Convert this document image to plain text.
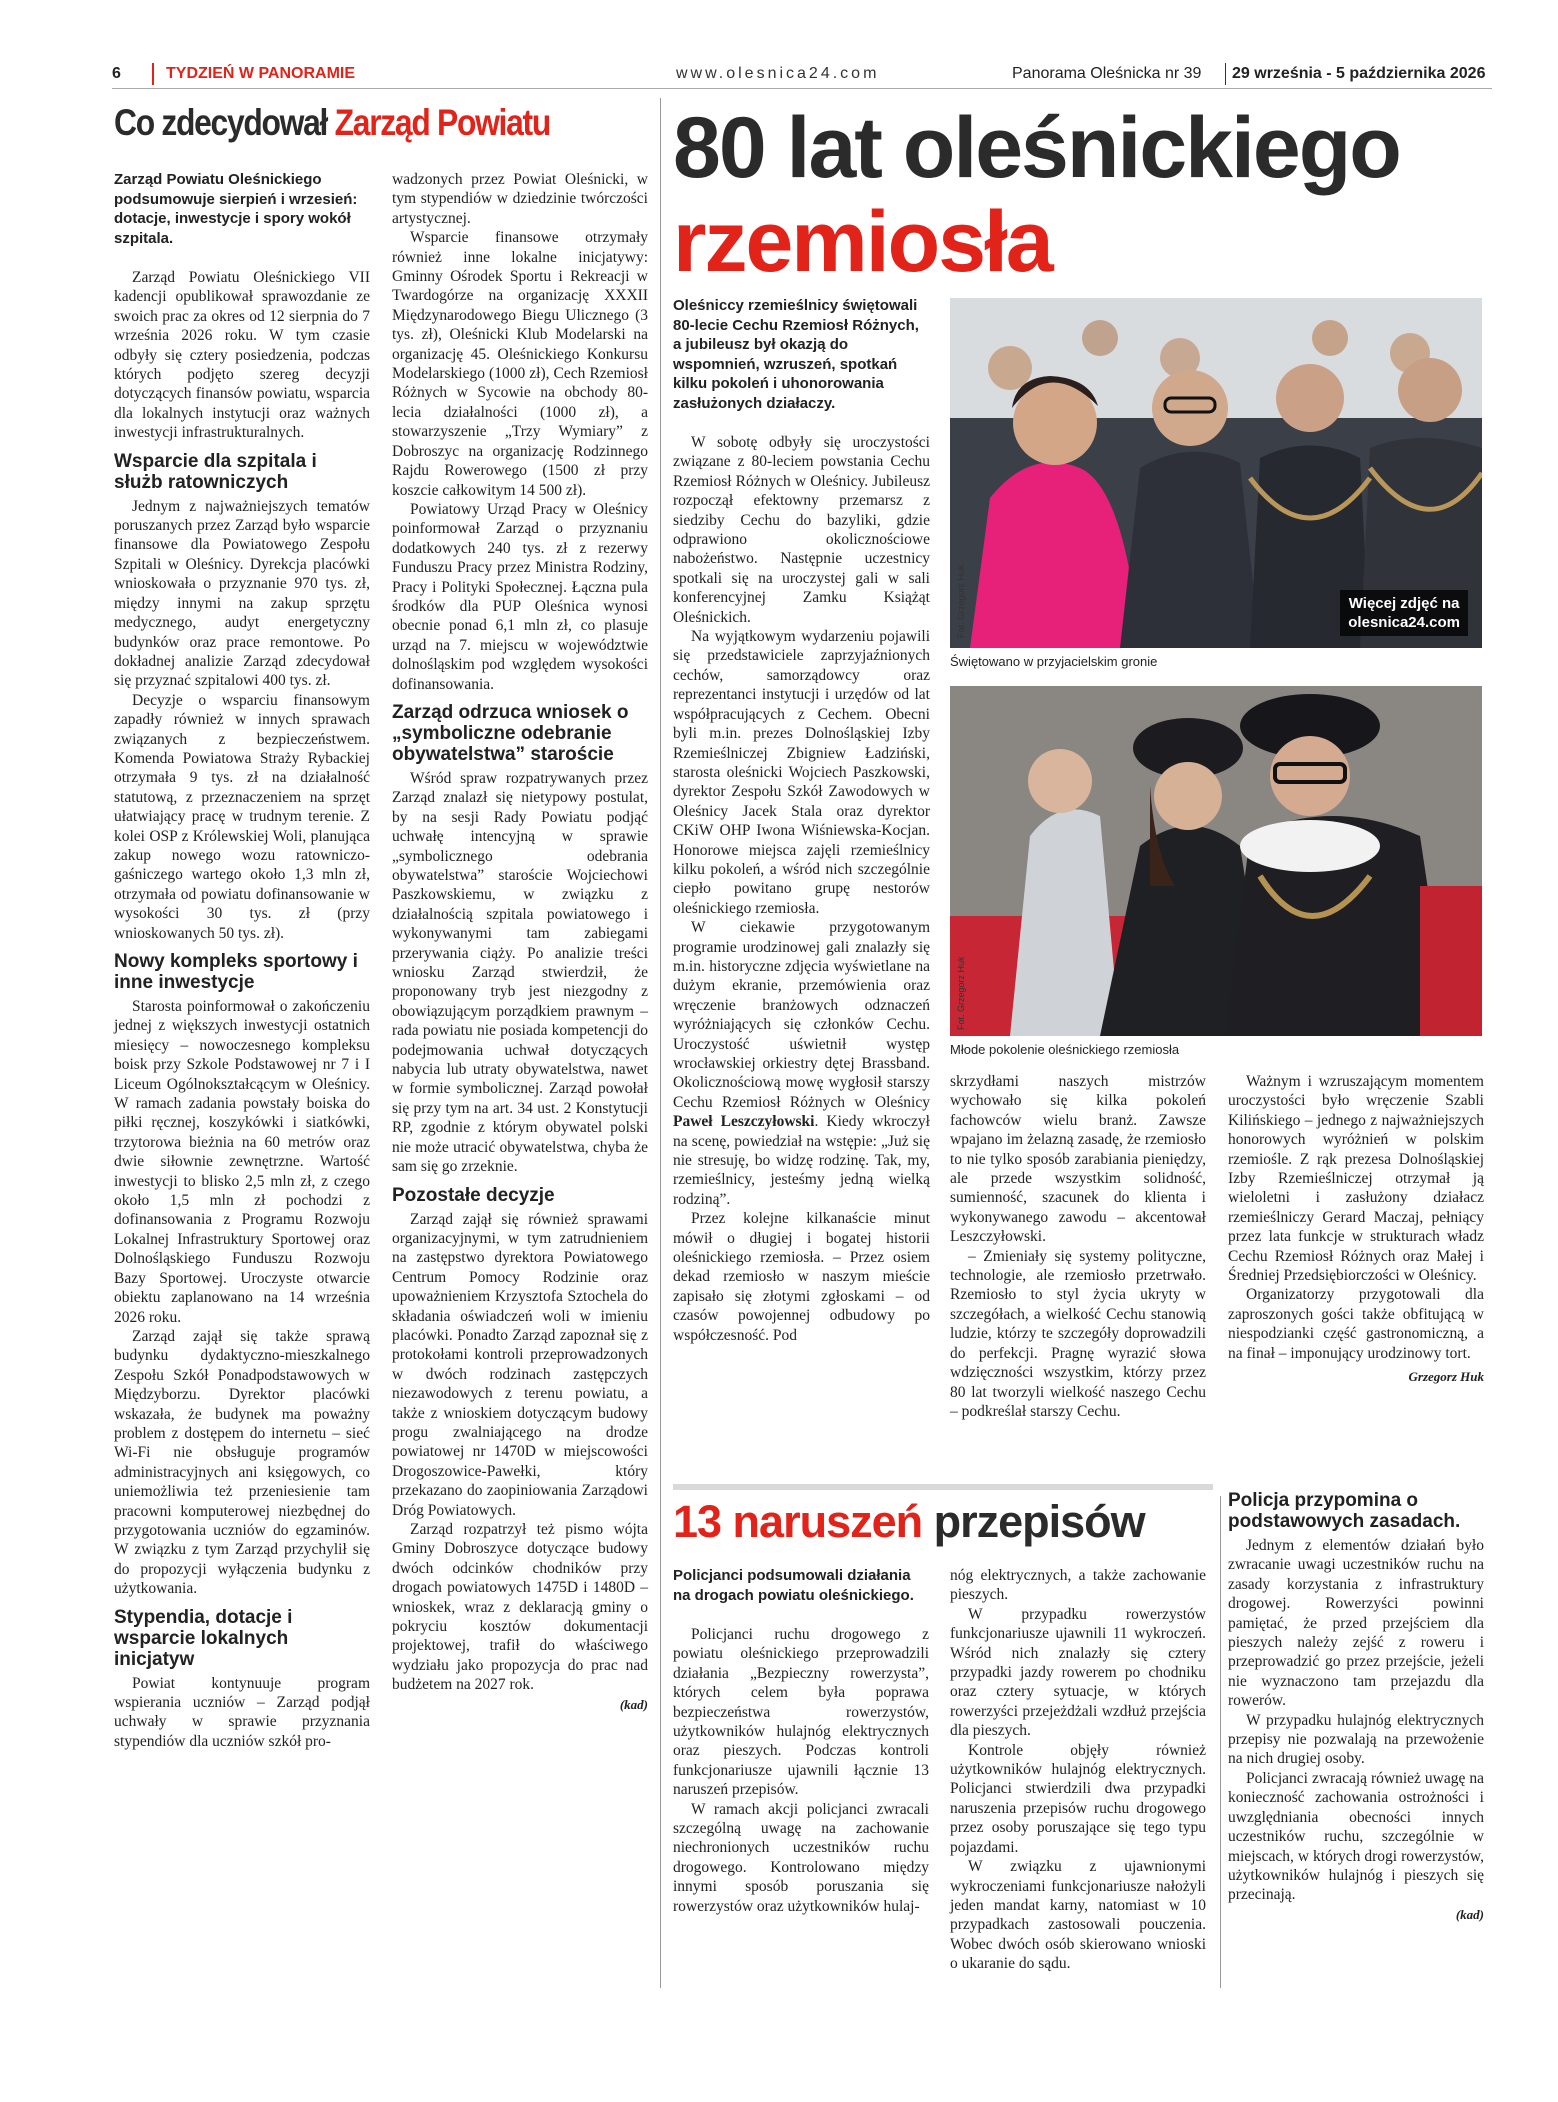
6	TYDZIEŃ W PANORAMIE	www.olesnica24.com	Panorama Oleśnicka nr 39 29 września - 5 października 2026
Co zdecydował Zarząd Powiatu
Zarząd Powiatu Oleśnickiego podsumowuje sierpień i wrzesień: dotacje, inwestycje i spory wokół szpitala.

Zarząd Powiatu Oleśnickiego VII kadencji opublikował sprawozdanie ze swoich prac za okres od 12 sierpnia do 7 września 2026 roku. W tym czasie odbyły się cztery posiedzenia, podczas których podjęto szereg decyzji dotyczących finansów powiatu, wsparcia dla lokalnych instytucji oraz ważnych inwestycji infrastrukturalnych.

Wsparcie dla szpitala i służb ratowniczych

Jednym z najważniejszych tematów poruszanych przez Zarząd było wsparcie finansowe dla Powiatowego Zespołu Szpitali w Oleśnicy. Dyrekcja placówki wnioskowała o przyznanie 970 tys. zł, między innymi na zakup sprzętu medycznego, audyt energetyczny budynków oraz prace remontowe. Po dokładnej analizie Zarząd zdecydował się przyznać szpitalowi 400 tys. zł.

Decyzje o wsparciu finansowym zapadły również w innych sprawach związanych z bezpieczeństwem. Komenda Powiatowa Straży Rybackiej otrzymała 9 tys. zł na działalność statutową, z przeznaczeniem na sprzęt ułatwiający pracę w trudnym terenie. Z kolei OSP z Królewskiej Woli, planująca zakup nowego wozu ratowniczo-gaśniczego wartego około 1,3 mln zł, otrzymała od powiatu dofinansowanie w wysokości 30 tys. zł (przy wnioskowanych 50 tys. zł).

Nowy kompleks sportowy i inne inwestycje

Starosta poinformował o zakończeniu jednej z większych inwestycji ostatnich miesięcy – nowoczesnego kompleksu boisk przy Szkole Podstawowej nr 7 i I Liceum Ogólnokształcącym w Oleśnicy. W ramach zadania powstały boiska do piłki ręcznej, koszykówki i siatkówki, trzytorowa bieżnia na 60 metrów oraz dwie siłownie zewnętrzne. Wartość inwestycji to blisko 2,5 mln zł, z czego około 1,5 mln zł pochodzi z dofinansowania z Programu Rozwoju Lokalnej Infrastruktury Sportowej oraz Dolnośląskiego Funduszu Rozwoju Bazy Sportowej. Uroczyste otwarcie obiektu zaplanowano na 14 września 2026 roku.

Zarząd zajął się także sprawą budynku dydaktyczno-mieszkalnego Zespołu Szkół Ponadpodstawowych w Międzyborzu. Dyrektor placówki wskazała, że budynek ma poważny problem z dostępem do internetu – sieć Wi-Fi nie obsługuje programów administracyjnych ani księgowych, co uniemożliwia też przeniesienie tam pracowni komputerowej niezbędnej do przygotowania uczniów do egzaminów. W związku z tym Zarząd przychylił się do propozycji wyłączenia budynku z użytkowania.

Stypendia, dotacje i wsparcie lokalnych inicjatyw

Powiat kontynuuje program wspierania uczniów – Zarząd podjął uchwały w sprawie przyznania stypendiów dla uczniów szkół pro-

wadzonych przez Powiat Oleśnicki, w tym stypendiów w dziedzinie twórczości artystycznej.

Wsparcie finansowe otrzymały również inne lokalne inicjatywy: Gminny Ośrodek Sportu i Rekreacji w Twardogórze na organizację XXXII Międzynarodowego Biegu Ulicznego (3 tys. zł), Oleśnicki Klub Modelarski na organizację 45. Oleśnickiego Konkursu Modelarskiego (1000 zł), Cech Rzemiosł Różnych w Sycowie na obchody 80-lecia działalności (1000 zł), a stowarzyszenie „Trzy Wymiary” z Dobroszyc na organizację Rodzinnego Rajdu Rowerowego (1500 zł przy koszcie całkowitym 14 500 zł).

Powiatowy Urząd Pracy w Oleśnicy poinformował Zarząd o przyznaniu dodatkowych 240 tys. zł z rezerwy Funduszu Pracy przez Ministra Rodziny, Pracy i Polityki Społecznej. Łączna pula środków dla PUP Oleśnica wynosi obecnie ponad 6,1 mln zł, co plasuje urząd na 7. miejscu w województwie dolnośląskim pod względem wysokości dofinansowania.

Zarząd odrzuca wniosek o „symboliczne odebranie obywatelstwa” staroście

Wśród spraw rozpatrywanych przez Zarząd znalazł się nietypowy postulat, by na sesji Rady Powiatu podjąć uchwałę intencyjną w sprawie „symbolicznego odebrania obywatelstwa” staroście Wojciechowi Paszkowskiemu, w związku z działalnością szpitala powiatowego i wykonywanymi tam zabiegami przerywania ciąży. Po analizie treści wniosku Zarząd stwierdził, że proponowany tryb jest niezgodny z obowiązującym porządkiem prawnym – rada powiatu nie posiada kompetencji do podejmowania uchwał dotyczących nabycia lub utraty obywatelstwa, nawet w formie symbolicznej. Zarząd powołał się przy tym na art. 34 ust. 2 Konstytucji RP, zgodnie z którym obywatel polski nie może utracić obywatelstwa, chyba że sam się go zrzeknie.

Pozostałe decyzje

Zarząd zajął się również sprawami organizacyjnymi, w tym zatrudnieniem na zastępstwo dyrektora Powiatowego Centrum Pomocy Rodzinie oraz upoważnieniem Krzysztofa Sztochela do składania oświadczeń woli w imieniu placówki. Ponadto Zarząd zapoznał się z protokołami kontroli przeprowadzonych w dwóch rodzinach zastępczych niezawodowych z terenu powiatu, a także z wnioskiem dotyczącym budowy progu zwalniającego na drodze powiatowej nr 1470D w miejscowości Drogoszowice-Pawełki, który przekazano do zaopiniowania Zarządowi Dróg Powiatowych.

Zarząd rozpatrzył też pismo wójta Gminy Dobroszyce dotyczące budowy dwóch odcinków chodników przy drogach powiatowych 1475D i 1480D – wnioskek, wraz z deklaracją gminy o pokryciu kosztów dokumentacji projektowej, trafił do właściwego wydziału jako propozycja do prac nad budżetem na 2027 rok.

(kad)
80 lat oleśnickiego
rzemiosła
Oleśniccy rzemieślnicy świętowali 80-lecie Cechu Rzemiosł Różnych, a jubileusz był okazją do wspomnień, wzruszeń, spotkań kilku pokoleń i uhonorowania zasłużonych działaczy.

W sobotę odbyły się uroczystości związane z 80-leciem powstania Cechu Rzemiosł Różnych w Oleśnicy. Jubileusz rozpoczął efektowny przemarsz z siedziby Cechu do bazyliki, gdzie odprawiono okolicznościowe nabożeństwo. Następnie uczestnicy spotkali się na uroczystej gali w sali konferencyjnej Zamku Książąt Oleśnickich.

Na wyjątkowym wydarzeniu pojawili się przedstawiciele zaprzyjaźnionych cechów, samorządowcy oraz reprezentanci instytucji i urzędów od lat współpracujących z Cechem. Obecni byli m.in. prezes Dolnośląskiej Izby Rzemieślniczej Zbigniew Ładziński, starosta oleśnicki Wojciech Paszkowski, dyrektor Zespołu Szkół Zawodowych w Oleśnicy Jacek Stala oraz dyrektor CKiW OHP Iwona Wiśniewska-Kocjan. Honorowe miejsca zajęli rzemieślnicy kilku pokoleń, a wśród nich szczególnie ciepło powitano grupę nestorów oleśnickiego rzemiosła.

W ciekawie przygotowanym programie urodzinowej gali znalazły się m.in. historyczne zdjęcia wyświetlane na dużym ekranie, przemówienia oraz wręczenie branżowych odznaczeń wyróżniających się członków Cechu. Uroczystość uświetnił występ wrocławskiej orkiestry dętej Brassband. Okolicznościową mowę wygłosił starszy Cechu Rzemiosł Różnych w Oleśnicy Paweł Leszczyłowski. Kiedy wkroczył na scenę, powiedział na wstępie: „Już się nie stresuję, bo widzę rodzinę. Tak, my, rzemieślnicy, jesteśmy jedną wielką rodziną”.

Przez kolejne kilkanaście minut mówił o długiej i bogatej historii oleśnickiego rzemiosła. – Przez osiem dekad rzemiosło w naszym mieście zapisało się złotymi zgłoskami – od czasów powojennej odbudowy po współczesność. Pod

Więcej zdjęć na
olesnica24.com
Fot. Grzegorz Huk
Świętowano w przyjacielskim gronie
Fot. Grzegorz Huk
Młode pokolenie oleśnickiego rzemiosła

skrzydłami naszych mistrzów wychowało się kilka pokoleń fachowców wielu branż. Zawsze wpajano im żelazną zasadę, że rzemiosło to nie tylko sposób zarabiania pieniędzy, ale przede wszystkim solidność, sumienność, szacunek do klienta i wykonywanego zawodu – akcentował Leszczyłowski.

– Zmieniały się systemy polityczne, technologie, ale rzemiosło przetrwało. Rzemiosło to styl życia ukryty w szczegółach, a wielkość Cechu stanowią ludzie, którzy te szczegóły doprowadzili do perfekcji. Pragnę wyrazić słowa wdzięczności wszystkim, którzy przez 80 lat tworzyli wielkość naszego Cechu – podkreślał starszy Cechu.

Ważnym i wzruszającym momentem uroczystości było wręczenie Szabli Kilińskiego – jednego z najważniejszych honorowych wyróżnień w polskim rzemiośle. Z rąk prezesa Dolnośląskiej Izby Rzemieślniczej otrzymał ją wieloletni i zasłużony działacz rzemieślniczy Gerard Maczaj, pełniący przez lata funkcje w strukturach władz Cechu Rzemiosł Różnych oraz Małej i Średniej Przedsiębiorczości w Oleśnicy.

Organizatorzy przygotowali dla zaproszonych gości także obfitującą w niespodzianki część gastronomiczną, a na finał – imponujący urodzinowy tort.

Grzegorz Huk
13 naruszeń przepisów
Policjanci podsumowali działania na drogach powiatu oleśnickiego.

Policjanci ruchu drogowego z powiatu oleśnickiego przeprowadzili działania „Bezpieczny rowerzysta”, których celem była poprawa bezpieczeństwa rowerzystów, użytkowników hulajnóg elektrycznych oraz pieszych. Podczas kontroli funkcjonariusze ujawnili łącznie 13 naruszeń przepisów.

W ramach akcji policjanci zwracali szczególną uwagę na zachowanie niechronionych uczestników ruchu drogowego. Kontrolowano między innymi sposób poruszania się rowerzystów oraz użytkowników hulaj-

nóg elektrycznych, a także zachowanie pieszych.

W przypadku rowerzystów funkcjonariusze ujawnili 11 wykroczeń. Wśród nich znalazły się cztery przypadki jazdy rowerem po chodniku oraz cztery sytuacje, w których rowerzyści przejeżdżali wzdłuż przejścia dla pieszych.

Kontrole objęły również użytkowników hulajnóg elektrycznych. Policjanci stwierdzili dwa przypadki naruszenia przepisów ruchu drogowego przez osoby poruszające się tego typu pojazdami.

W związku z ujawnionymi wykroczeniami funkcjonariusze nałożyli jeden mandat karny, natomiast w 10 przypadkach zastosowali pouczenia. Wobec dwóch osób skierowano wnioski o ukaranie do sądu.

Policja przypomina o podstawowych zasadach.

Jednym z elementów działań było zwracanie uwagi uczestników ruchu na zasady korzystania z infrastruktury drogowej. Rowerzyści powinni pamiętać, że przed przejściem dla pieszych należy zejść z roweru i przeprowadzić go przez przejście, jeżeli nie wyznaczono tam przejazdu dla rowerów.

W przypadku hulajnóg elektrycznych przepisy nie pozwalają na przewożenie na nich drugiej osoby.

Policjanci zwracają również uwagę na konieczność zachowania ostrożności i uwzględniania obecności innych uczestników ruchu, szczególnie w miejscach, w których drogi rowerzystów, użytkowników hulajnóg i pieszych się przecinają.

(kad)
